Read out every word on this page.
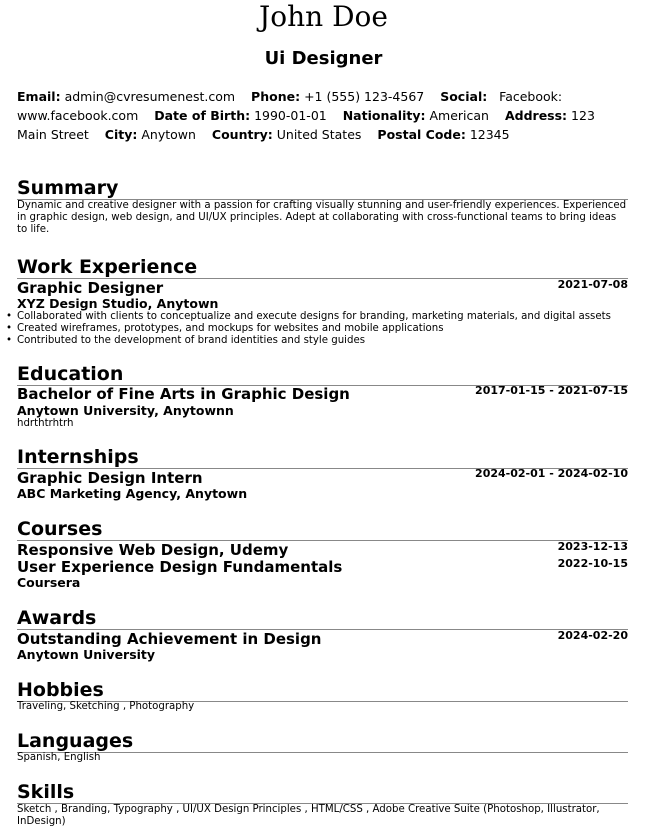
John Doe
Ui Designer
Email: admin@cvresumenest.com Phone: +1 (555) 123-4567 Social: Facebook: www.facebook.com Date of Birth: 1990-01-01 Nationality: American Address: 123 Main Street City: Anytown Country: United States Postal Code: 12345
Summary
Dynamic and creative designer with a passion for crafting visually stunning and user-friendly experiences. Experienced in graphic design, web design, and UI/UX principles. Adept at collaborating with cross-functional teams to bring ideas to life.
Work Experience
Graphic Designer	2021-07-08
XYZ Design Studio, Anytown
• Collaborated with clients to conceptualize and execute designs for branding, marketing materials, and digital assets
• Created wireframes, prototypes, and mockups for websites and mobile applications
• Contributed to the development of brand identities and style guides
Education
Bachelor of Fine Arts in Graphic Design	2017-01-15 - 2021-07-15
Anytown University, Anytownn
hdrthtrhtrh
Internships
Graphic Design Intern	2024-02-01 - 2024-02-10
ABC Marketing Agency, Anytown
Courses
Responsive Web Design, Udemy	2023-12-13
User Experience Design Fundamentals	2022-10-15
Coursera
Awards
Outstanding Achievement in Design	2024-02-20
Anytown University
Hobbies
Traveling, Sketching , Photography
Languages
Spanish, English
Skills
Sketch , Branding, Typography , UI/UX Design Principles , HTML/CSS , Adobe Creative Suite (Photoshop, Illustrator, InDesign)
